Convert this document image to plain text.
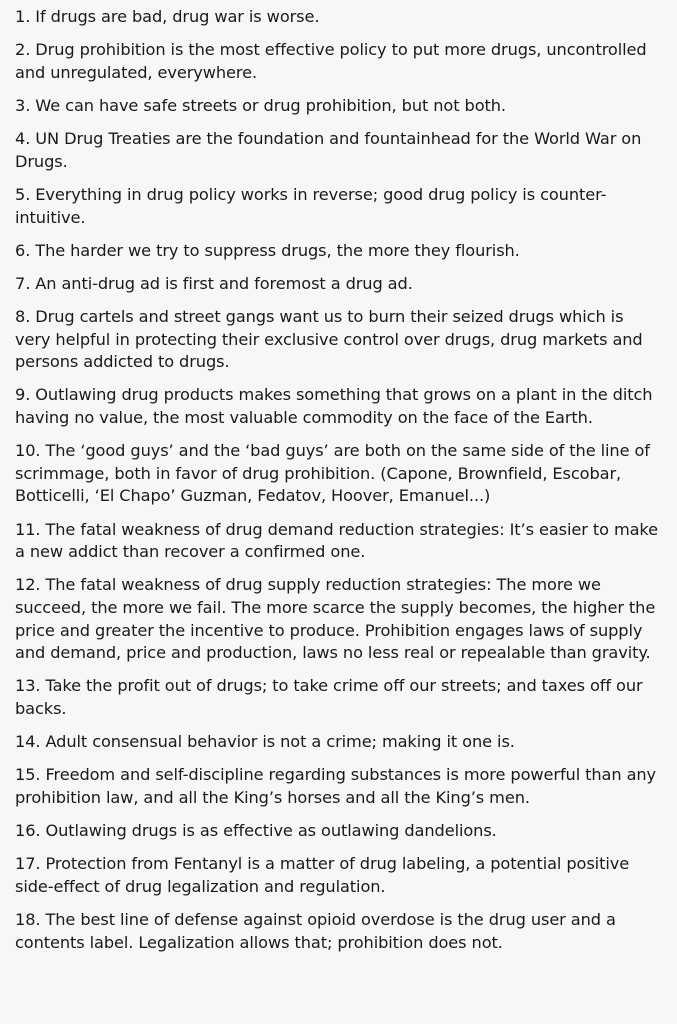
1. If drugs are bad, drug war is worse.

2. Drug prohibition is the most effective policy to put more drugs, uncontrolled and unregulated, everywhere.

3. We can have safe streets or drug prohibition, but not both.

4. UN Drug Treaties are the foundation and fountainhead for the World War on Drugs.

5. Everything in drug policy works in reverse; good drug policy is counter-intuitive.

6. The harder we try to suppress drugs, the more they flourish.

7. An anti-drug ad is first and foremost a drug ad.

8. Drug cartels and street gangs want us to burn their seized drugs which is very helpful in protecting their exclusive control over drugs, drug markets and persons addicted to drugs.

9. Outlawing drug products makes something that grows on a plant in the ditch having no value, the most valuable commodity on the face of the Earth.

10. The ‘good guys’ and the ‘bad guys’ are both on the same side of the line of scrimmage, both in favor of drug prohibition. (Capone, Brownfield, Escobar, Botticelli, ‘El Chapo’ Guzman, Fedatov, Hoover, Emanuel...)

11. The fatal weakness of drug demand reduction strategies: It’s easier to make a new addict than recover a confirmed one.

12. The fatal weakness of drug supply reduction strategies: The more we succeed, the more we fail. The more scarce the supply becomes, the higher the price and greater the incentive to produce. Prohibition engages laws of supply and demand, price and production, laws no less real or repealable than gravity.

13. Take the profit out of drugs; to take crime off our streets; and taxes off our backs.

14. Adult consensual behavior is not a crime; making it one is.

15. Freedom and self-discipline regarding substances is more powerful than any prohibition law, and all the King’s horses and all the King’s men.

16. Outlawing drugs is as effective as outlawing dandelions.

17. Protection from Fentanyl is a matter of drug labeling, a potential positive side-effect of drug legalization and regulation.

18. The best line of defense against opioid overdose is the drug user and a contents label. Legalization allows that; prohibition does not.
